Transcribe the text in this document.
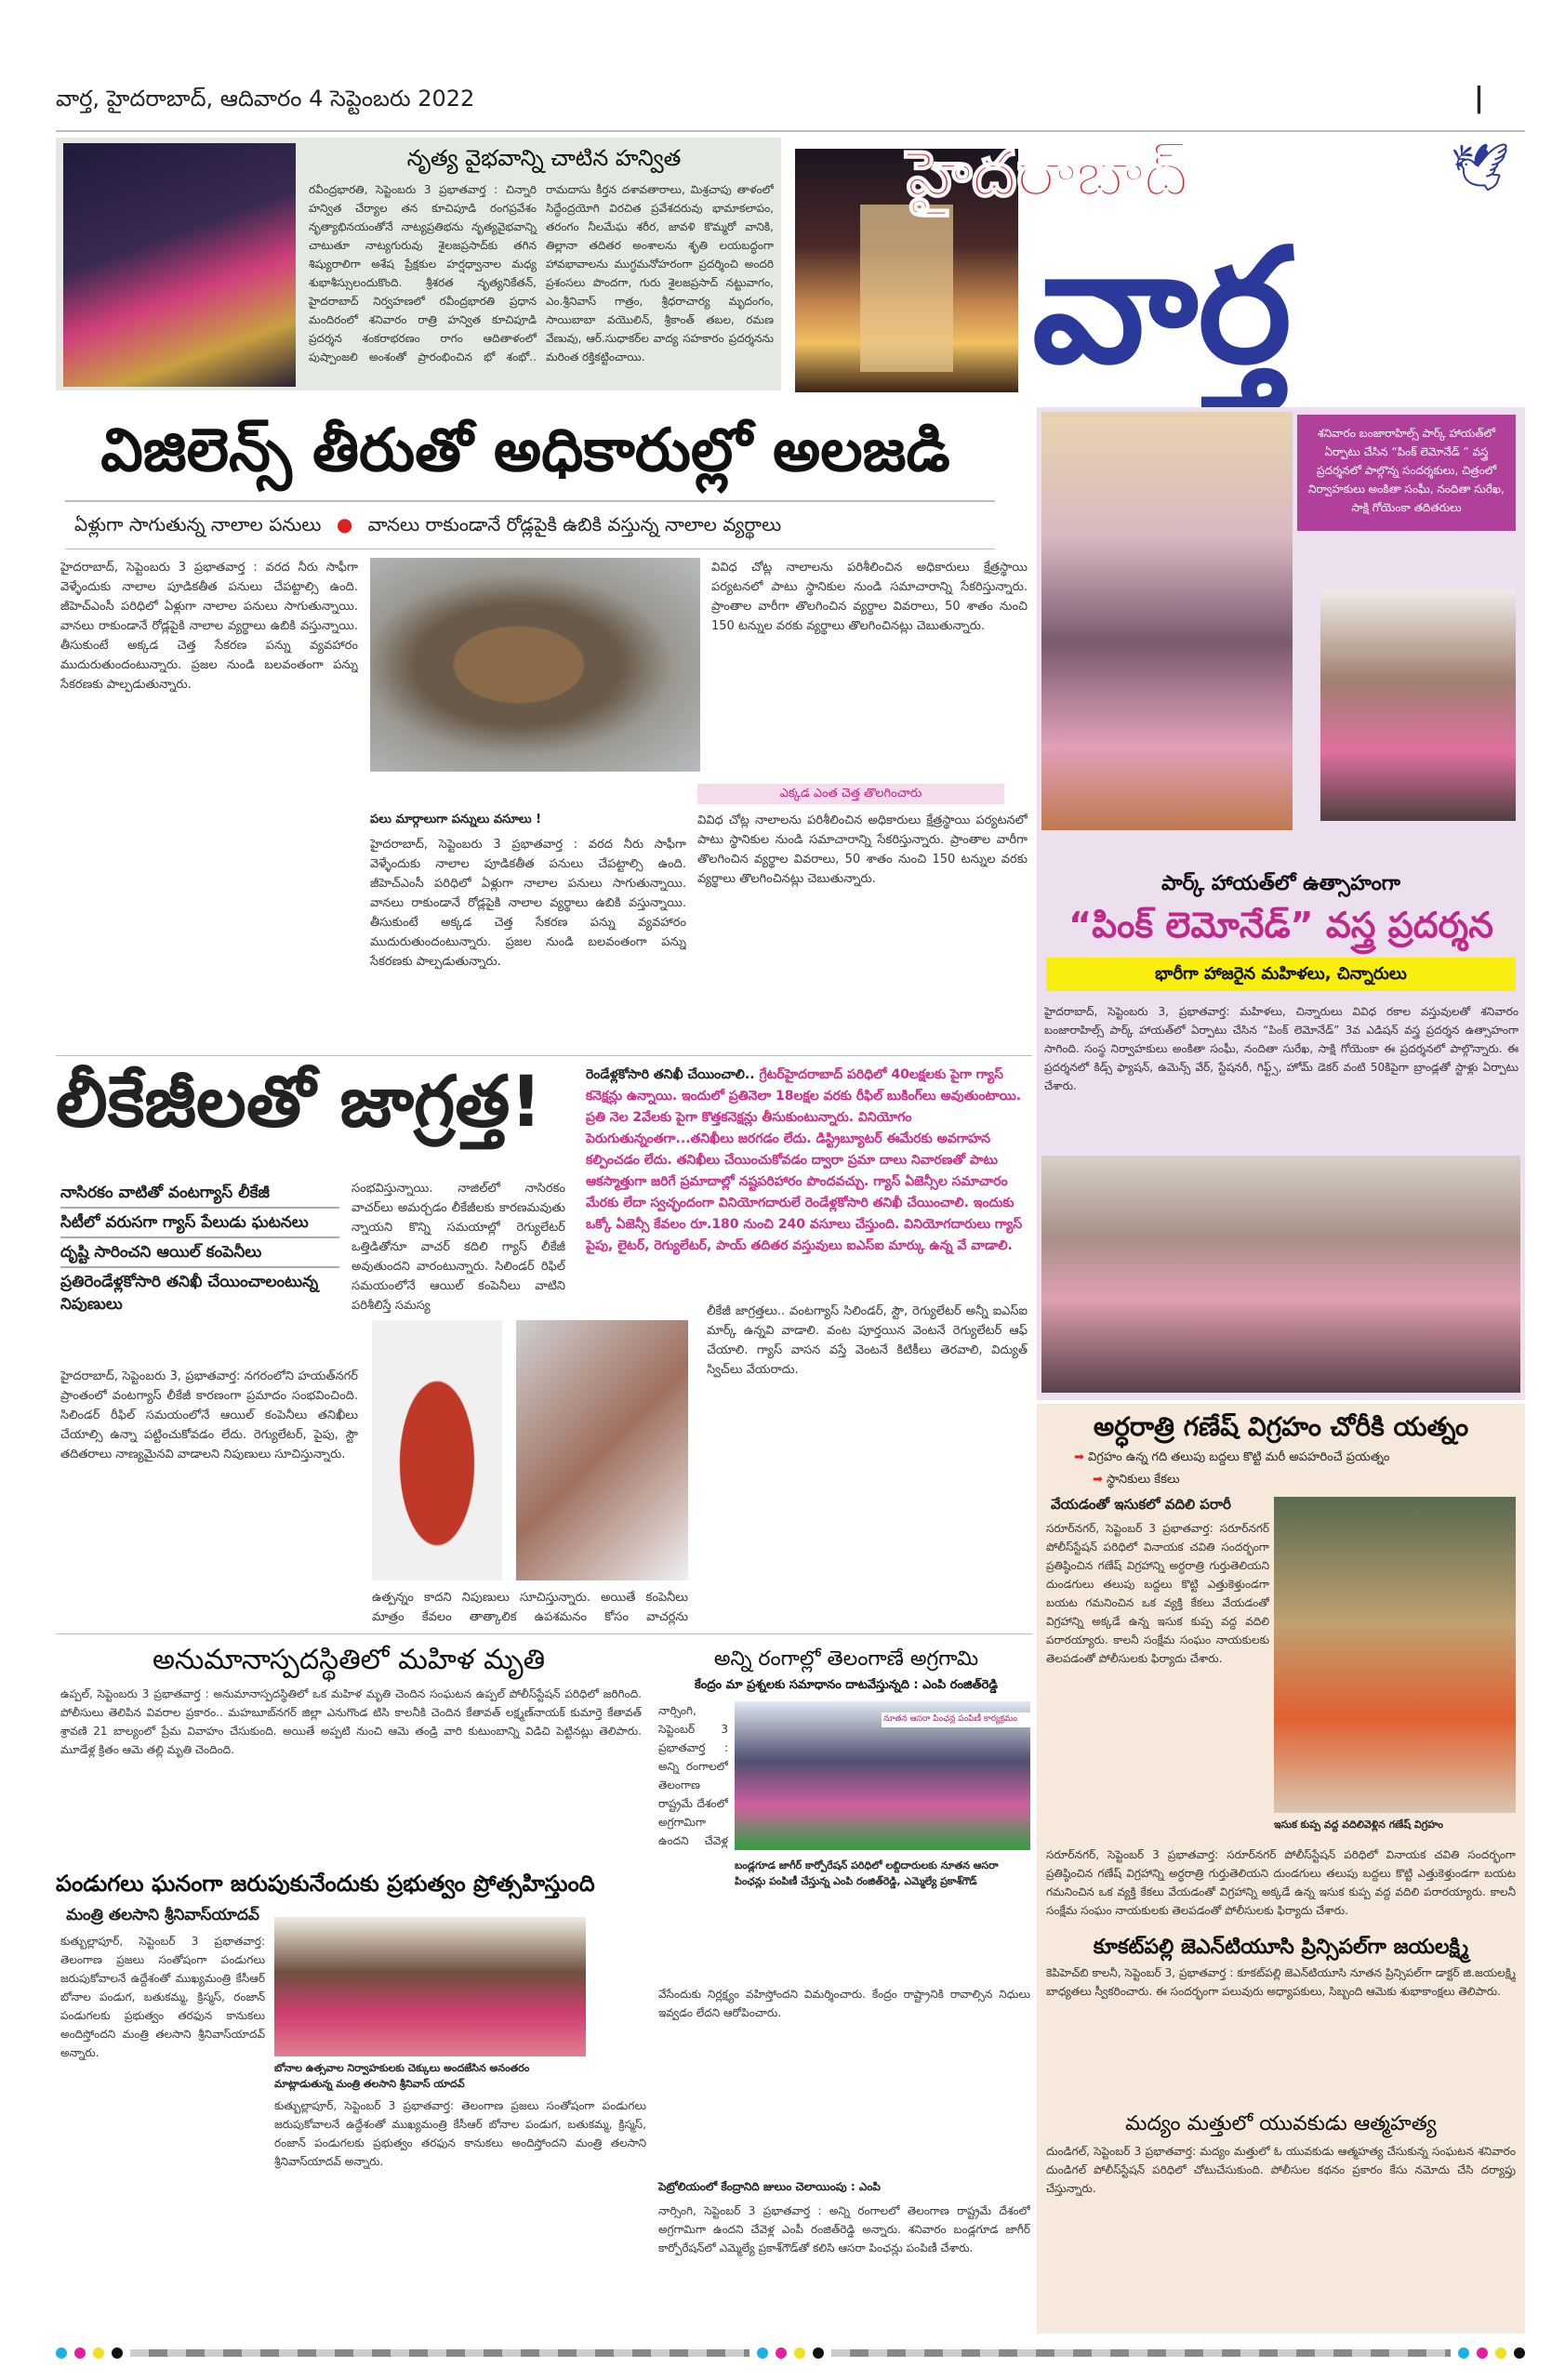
వార్త, హైదరాబాద్, ఆదివారం 4 సెప్టెంబరు 2022	|
నృత్య వైభవాన్ని చాటిన హన్విత
రవీంద్రభారతి, సెప్టెంబరు 3 ప్రభాతవార్త : చిన్నారి హన్విత చేర్యాల తన కూచిపూడి రంగప్రవేశం నృత్యాభినయంతోనే నాట్యప్రతిభను నృత్యవైభవాన్ని చాటుతూ నాట్యగురువు శైలజప్రసాద్‌కు తగిన శిష్యురాలిగా అశేష ప్రేక్షకుల హర్షధ్వానాల మధ్య శుభాశీస్సులందుకొంది. శ్రీశరత నృత్యనికేతన్, హైదరాబాద్ నిర్వహణలో రవీంద్రభారతి ప్రధాన మందిరంలో శనివారం రాత్రి హన్విత కూచిపూడి ప్రదర్శన శంకరాభరణం రాగం ఆదితాళంలో పుష్పాంజలి అంశంతో ప్రారంభించిన భో శంభో.. రామదాసు కీర్తన దశావతారాలు, మిశ్రచాపు తాళంలో సిద్ధేంద్రయోగి విరచిత ప్రవేశదరువు భామాకలాపం, తరంగం నీలమేఘ శరీర, జావళి కొమ్మరో వానికి, తిల్లానా తదితర అంశాలను శృతి లయబద్ధంగా హావభావాలను ముగ్ధమనోహరంగా ప్రదర్శించి అందరి ప్రశంసలు పొందగా, గురు శైలజప్రసాద్ నట్టువాగం, ఎం.శ్రీనివాస్ గాత్రం, శ్రీధరాచార్య మృదంగం, సాయిబాబా వయొలిన్, శ్రీకాంత్ తబల, రమణ వేణువు, ఆర్.సుధాకర్‌ల వాద్య సహకారం ప్రదర్శనను మరింత రక్తికట్టించాయి.
హైదరాబాద్	🕊
వార్త
విజిలెన్స్ తీరుతో అధికారుల్లో అలజడి
ఏళ్లుగా సాగుతున్న నాలాల పనులు ● వానలు రాకుండానే రోడ్లపైకి ఉబికి వస్తున్న నాలాల వ్యర్థాలు
హైదరాబాద్, సెప్టెంబరు 3 ప్రభాతవార్త : వరద నీరు సాఫీగా వెళ్ళేందుకు నాలాల పూడికతీత పనులు చేపట్టాల్సి ఉంది. జీహెచ్‌ఎంసీ పరిధిలో ఏళ్లుగా నాలాల పనులు సాగుతున్నాయి. వానలు రాకుండానే రోడ్లపైకి నాలాల వ్యర్థాలు ఉబికి వస్తున్నాయి. తీసుకుంటే అక్కడ చెత్త సేకరణ పన్ను వ్యవహారం ముదురుతుందంటున్నారు. ప్రజల నుండి బలవంతంగా పన్ను సేకరణకు పాల్పడుతున్నారు.
వివిధ చోట్ల నాలాలను పరిశీలించిన అధికారులు క్షేత్రస్థాయి పర్యటనలో పాటు స్థానికుల నుండి సమాచారాన్ని సేకరిస్తున్నారు. ప్రాంతాల వారీగా తొలగించిన వ్యర్థాల వివరాలు, 50 శాతం నుంచి 150 టన్నుల వరకు వ్యర్థాలు తొలగించినట్లు చెబుతున్నారు.
ఎక్కడ ఎంత చెత్త తొలగించారు
పలు మార్గాలుగా పన్నులు వసూలు !
హైదరాబాద్, సెప్టెంబరు 3 ప్రభాతవార్త : వరద నీరు సాఫీగా వెళ్ళేందుకు నాలాల పూడికతీత పనులు చేపట్టాల్సి ఉంది. జీహెచ్‌ఎంసీ పరిధిలో ఏళ్లుగా నాలాల పనులు సాగుతున్నాయి. వానలు రాకుండానే రోడ్లపైకి నాలాల వ్యర్థాలు ఉబికి వస్తున్నాయి. తీసుకుంటే అక్కడ చెత్త సేకరణ పన్ను వ్యవహారం ముదురుతుందంటున్నారు. ప్రజల నుండి బలవంతంగా పన్ను సేకరణకు పాల్పడుతున్నారు.
వివిధ చోట్ల నాలాలను పరిశీలించిన అధికారులు క్షేత్రస్థాయి పర్యటనలో పాటు స్థానికుల నుండి సమాచారాన్ని సేకరిస్తున్నారు. ప్రాంతాల వారీగా తొలగించిన వ్యర్థాల వివరాలు, 50 శాతం నుంచి 150 టన్నుల వరకు వ్యర్థాలు తొలగించినట్లు చెబుతున్నారు.
శనివారం బంజారాహిల్స్ పార్క్ హాయత్‌లో ఏర్పాటు చేసిన “పింక్ లెమోనేడ్ ” వస్త్ర ప్రదర్శనలో పాల్గొన్న సందర్శకులు, చిత్రంలో నిర్వాహకులు అంకితా సంఘీ, నందితా సురేఖ, సాక్షి గోయెంకా తదితరులు
పార్క్ హాయత్‌లో ఉత్సాహంగా
“పింక్ లెమోనేడ్” వస్త్ర ప్రదర్శన
భారీగా హాజరైన మహిళలు, చిన్నారులు
హైదరాబాద్, సెప్టెంబరు 3, ప్రభాతవార్త: మహిళలు, చిన్నారులు వివిధ రకాల వస్తువులతో శనివారం బంజారాహిల్స్ పార్క్ హాయత్‌లో ఏర్పాటు చేసిన “పింక్ లెమోనేడ్” 3వ ఎడిషన్ వస్త్ర ప్రదర్శన ఉత్సాహంగా సాగింది. సంస్థ నిర్వాహకులు అంకితా సంఘీ, నందితా సురేఖ, సాక్షి గోయెంకా ఈ ప్రదర్శనలో పాల్గొన్నారు. ఈ ప్రదర్శనలో కిడ్స్ ఫ్యాషన్, ఉమెన్స్ వేర్, స్టేషనరీ, గిఫ్ట్స్, హోమ్ డెకర్ వంటి 50కిపైగా బ్రాండ్లతో స్టాళ్లు ఏర్పాటు చేశారు.
లీకేజీలతో జాగ్రత్త!
నాసిరకం వాటితో వంటగ్యాస్ లీకేజీ
సిటీలో వరుసగా గ్యాస్ పేలుడు ఘటనలు
దృష్టి సారించని ఆయిల్ కంపెనీలు
ప్రతిరెండేళ్లకోసారి తనిఖీ చేయించాలంటున్న నిపుణులు
సంభవిస్తున్నాయి. నాజిల్‌లో నాసిరకం వాచర్‌లు అమర్చడం లీకేజీలకు కారణమవుతు న్నాయని కొన్ని సమయాల్లో రెగ్యులేటర్ ఒత్తిడితోనూ వాచర్ కదిలి గ్యాస్ లీకేజీ అవుతుందని వారంటున్నారు. సిలిండర్ రిఫిల్ సమయంలోనే ఆయిల్ కంపెనీలు వాటిని పరిశీలిస్తే సమస్య
రెండేళ్లకోసారి తనిఖీ చేయించాలి.. గ్రేటర్‌హైదరాబాద్ పరిధిలో 40లక్షలకు పైగా గ్యాస్ కనెక్షన్లు ఉన్నాయి. ఇందులో ప్రతినెలా 18లక్షల వరకు రీఫిల్ బుకింగ్‌లు అవుతుంటాయి. ప్రతి నెల 2వేలకు పైగా కొత్తకనెక్షన్లు తీసుకుంటున్నారు. వినియోగం పెరుగుతున్నంతగా...తనిఖీలు జరగడం లేదు. డిస్ట్రిబ్యూటర్ ఈమేరకు అవగాహన కల్పించడం లేదు. తనిఖీలు చేయించుకోవడం ద్వారా ప్రమా దాలు నివారణతో పాటు ఆకస్మాత్తుగా జరిగే ప్రమాదాల్లో నష్టపరిహారం పొందవచ్చు. గ్యాస్ ఏజెన్సీల సమాచారం మేరకు లేదా స్వచ్ఛందంగా వినియోగదారులే రెండేళ్లకోసారి తనిఖీ చేయించాలి. ఇందుకు ఒక్కో ఏజెన్సీ కేవలం రూ.180 నుంచి 240 వసూలు చేస్తుంది. వినియోగదారులు గ్యాస్ పైపు, లైటర్, రెగ్యులేటర్, పాయ్ తదితర వస్తువులు ఐఎస్ఐ మార్కు ఉన్న వే వాడాలి.
హైదరాబాద్, సెప్టెంబరు 3, ప్రభాతవార్త: నగరంలోని హయత్‌నగర్ ప్రాంతంలో వంటగ్యాస్ లీకేజీ కారణంగా ప్రమాదం సంభవించింది. సిలిండర్ రీఫిల్ సమయంలోనే ఆయిల్ కంపెనీలు తనిఖీలు చేయాల్సి ఉన్నా పట్టించుకోవడం లేదు. రెగ్యులేటర్, పైపు, స్టౌ తదితరాలు నాణ్యమైనవి వాడాలని నిపుణులు సూచిస్తున్నారు.
ఉత్పన్నం కాదని నిపుణులు సూచిస్తున్నారు. అయితే కంపెనీలు మాత్రం కేవలం తాత్కాలిక ఉపశమనం కోసం వాచర్లను
లీకేజీ జాగ్రత్తలు.. వంటగ్యాస్ సిలిండర్, స్టౌ, రెగ్యులేటర్ అన్నీ ఐఎస్ఐ మార్క్ ఉన్నవి వాడాలి. వంట పూర్తయిన వెంటనే రెగ్యులేటర్ ఆఫ్ చేయాలి. గ్యాస్ వాసన వస్తే వెంటనే కిటికీలు తెరవాలి, విద్యుత్ స్విచ్‌లు వేయరాదు.
అనుమానాస్పదస్థితిలో మహిళ మృతి
ఉప్పల్, సెప్టెంబరు 3 ప్రభాతవార్త : అనుమానాస్పదస్థితిలో ఒక మహిళ మృతి చెందిన సంఘటన ఉప్పల్ పోలీస్‌స్టేషన్ పరిధిలో జరిగింది. పోలీసులు తెలిపిన వివరాల ప్రకారం.. మహబూబ్‌నగర్ జిల్లా ఎనుగొండ టిసి కాలనీకి చెందిన కేతావత్ లక్ష్మణ్‌నాయక్ కుమార్తె కేతావత్ శ్రావణి 21 బాల్యంలో ప్రేమ వివాహం చేసుకుంది. అయితే అప్పటి నుంచి ఆమె తండ్రి వారి కుటుంబాన్ని విడిచి పెట్టినట్లు తెలిపారు. మూడేళ్ల క్రితం ఆమె తల్లి మృతి చెందింది.
అన్ని రంగాల్లో తెలంగాణే అగ్రగామి
కేంద్రం మా ప్రశ్నలకు సమాధానం దాటవేస్తున్నది : ఎంపి రంజిత్‌రెడ్డి
నార్సింగి, సెప్టెంబర్ 3 ప్రభాతవార్త : అన్ని రంగాలలో తెలంగాణ రాష్ట్రమే దేశంలో అగ్రగామిగా ఉందని చేవెళ్ల
నూతన ఆసరా పింఛన్ల పంపిణీ కార్యక్రమం
బండ్లగూడ జాగీర్ కార్పోరేషన్ పరిధిలో లబ్దిదారులకు నూతన ఆసరా పింఛన్లు పంపిణీ చేస్తున్న ఎంపి రంజిత్‌రెడ్డి, ఎమ్మెల్యే ప్రకాశ్‌గౌడ్
వేసేందుకు నిర్లక్ష్యం వహిస్తోందని విమర్శించారు. కేంద్రం రాష్ట్రానికి రావాల్సిన నిధులు ఇవ్వడం లేదని ఆరోపించారు.
పెట్రోలియంలో కేంద్రానిది జులుం చెలాయింపు : ఎంపి
నార్సింగి, సెప్టెంబర్ 3 ప్రభాతవార్త : అన్ని రంగాలలో తెలంగాణ రాష్ట్రమే దేశంలో అగ్రగామిగా ఉందని చేవెళ్ల ఎంపీ రంజిత్‌రెడ్డి అన్నారు. శనివారం బండ్లగూడ జాగీర్ కార్పోరేషన్‌లో ఎమ్మెల్యే ప్రకాశ్‌గౌడ్‌తో కలిసి ఆసరా పింఛన్లు పంపిణీ చేశారు.
పండుగలు ఘనంగా జరుపుకునేందుకు ప్రభుత్వం ప్రోత్సహిస్తుంది
మంత్రి తలసాని శ్రీనివాస్‌యాదవ్
కుత్బుల్లాపూర్, సెప్టెంబర్ 3 ప్రభాతవార్త: తెలంగాణ ప్రజలు సంతోషంగా పండుగలు జరుపుకోవాలనే ఉద్దేశంతో ముఖ్యమంత్రి కేసీఆర్ బోనాల పండుగ, బతుకమ్మ, క్రిస్మస్, రంజాన్ పండుగలకు ప్రభుత్వం తరఫున కానుకలు అందిస్తోందని మంత్రి తలసాని శ్రీనివాస్‌యాదవ్ అన్నారు.
బోనాల ఉత్సవాల నిర్వాహకులకు చెక్కులు అందజేసిన అనంతరం మాట్లాడుతున్న మంత్రి తలసాని శ్రీనివాస్ యాదవ్
కుత్బుల్లాపూర్, సెప్టెంబర్ 3 ప్రభాతవార్త: తెలంగాణ ప్రజలు సంతోషంగా పండుగలు జరుపుకోవాలనే ఉద్దేశంతో ముఖ్యమంత్రి కేసీఆర్ బోనాల పండుగ, బతుకమ్మ, క్రిస్మస్, రంజాన్ పండుగలకు ప్రభుత్వం తరఫున కానుకలు అందిస్తోందని మంత్రి తలసాని శ్రీనివాస్‌యాదవ్ అన్నారు.
అర్ధరాత్రి గణేష్ విగ్రహం చోరీకి యత్నం
➡ విగ్రహం ఉన్న గది తలుపు బద్దలు కొట్టి మరీ అపహరించే ప్రయత్నం
➡ స్థానికులు కేకలు
వేయడంతో ఇసుకలో వదిలి పరారీ
సరూర్‌నగర్, సెప్టెంబర్ 3 ప్రభాతవార్త: సరూర్‌నగర్ పోలీస్‌స్టేషన్ పరిధిలో వినాయక చవితి సందర్భంగా ప్రతిష్ఠించిన గణేష్ విగ్రహాన్ని అర్ధరాత్రి గుర్తుతెలియని దుండగులు తలుపు బద్దలు కొట్టి ఎత్తుకెళ్తుండగా బయట గమనించిన ఒక వ్యక్తి కేకలు వేయడంతో విగ్రహాన్ని అక్కడే ఉన్న ఇసుక కుప్ప వద్ద వదిలి పరారయ్యారు. కాలనీ సంక్షేమ సంఘం నాయకులకు తెలపడంతో పోలీసులకు ఫిర్యాదు చేశారు.
ఇసుక కుప్ప వద్ద వదిలివెళ్లిన గణేష్ విగ్రహం
సరూర్‌నగర్, సెప్టెంబర్ 3 ప్రభాతవార్త: సరూర్‌నగర్ పోలీస్‌స్టేషన్ పరిధిలో వినాయక చవితి సందర్భంగా ప్రతిష్ఠించిన గణేష్ విగ్రహాన్ని అర్ధరాత్రి గుర్తుతెలియని దుండగులు తలుపు బద్దలు కొట్టి ఎత్తుకెళ్తుండగా బయట గమనించిన ఒక వ్యక్తి కేకలు వేయడంతో విగ్రహాన్ని అక్కడే ఉన్న ఇసుక కుప్ప వద్ద వదిలి పరారయ్యారు. కాలనీ సంక్షేమ సంఘం నాయకులకు తెలపడంతో పోలీసులకు ఫిర్యాదు చేశారు.
కూకట్‌పల్లి జెఎన్‌టియూసి ప్రిన్సిపల్‌గా జయలక్ష్మి
కెపిహెచ్‌బి కాలనీ, సెప్టెంబర్ 3, ప్రభాతవార్త : కూకట్‌పల్లి జెఎన్‌టియూసి నూతన ప్రిన్సిపల్‌గా డాక్టర్ జి.జయలక్ష్మి బాధ్యతలు స్వీకరించారు. ఈ సందర్భంగా పలువురు అధ్యాపకులు, సిబ్బంది ఆమెకు శుభాకాంక్షలు తెలిపారు.
మద్యం మత్తులో యువకుడు ఆత్మహత్య
దుండిగల్, సెప్టెంబర్ 3 ప్రభాతవార్త: మద్యం మత్తులో ఓ యువకుడు ఆత్మహత్య చేసుకున్న సంఘటన శనివారం దుండిగల్ పోలీస్‌స్టేషన్ పరిధిలో చోటుచేసుకుంది. పోలీసుల కథనం ప్రకారం కేసు నమోదు చేసి దర్యాప్తు చేస్తున్నారు.
